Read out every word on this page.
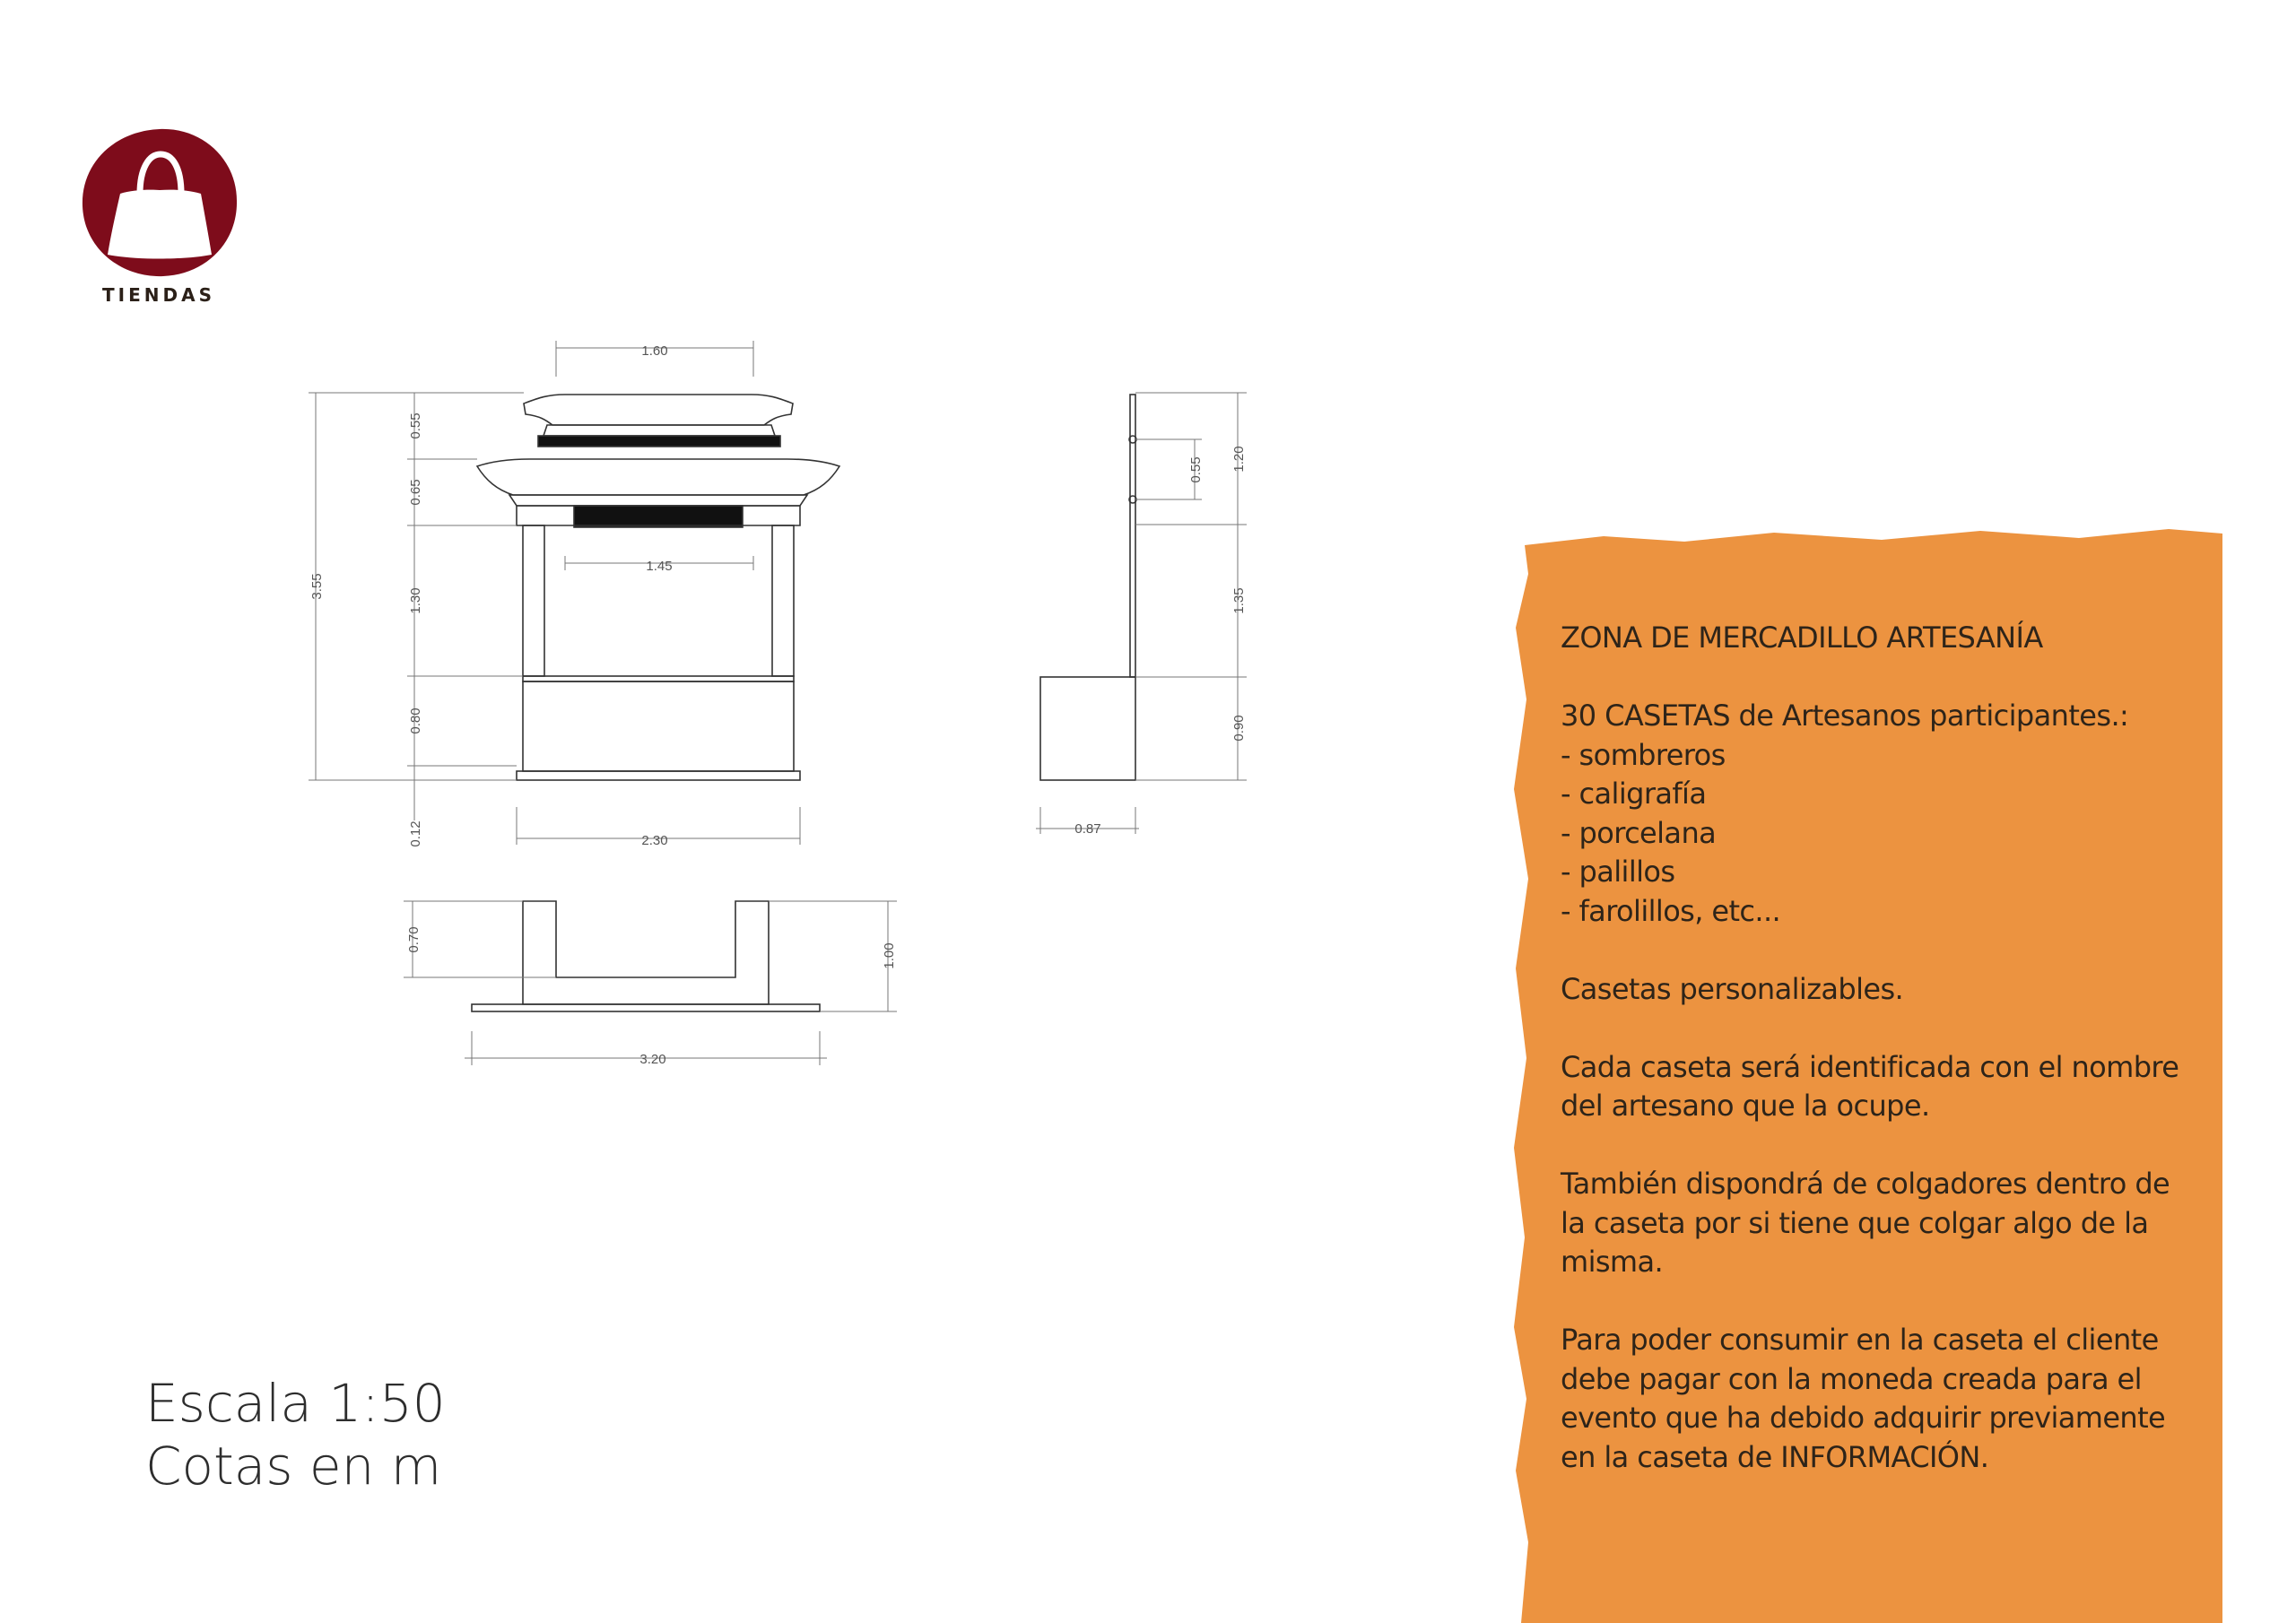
TIENDAS
1.60
1.45
2.30
3.55
0.55
0.65
1.30
0.80
0.12
1.20
0.55
1.35
0.90
0.87
0.70
1.00
3.20
Escala 1:50
Cotas en m
ZONA DE MERCADILLO ARTESANÍA
30 CASETAS de Artesanos participantes.:
- sombreros
- caligrafía
- porcelana
- palillos
- farolillos, etc...
Casetas personalizables.
Cada caseta será identificada con el nombre
del artesano que la ocupe.
También dispondrá de colgadores dentro de
la caseta por si tiene que colgar algo de la
misma.
Para poder consumir en la caseta el cliente
debe pagar con la moneda creada para el
evento que ha debido adquirir previamente
en la caseta de INFORMACIÓN.
